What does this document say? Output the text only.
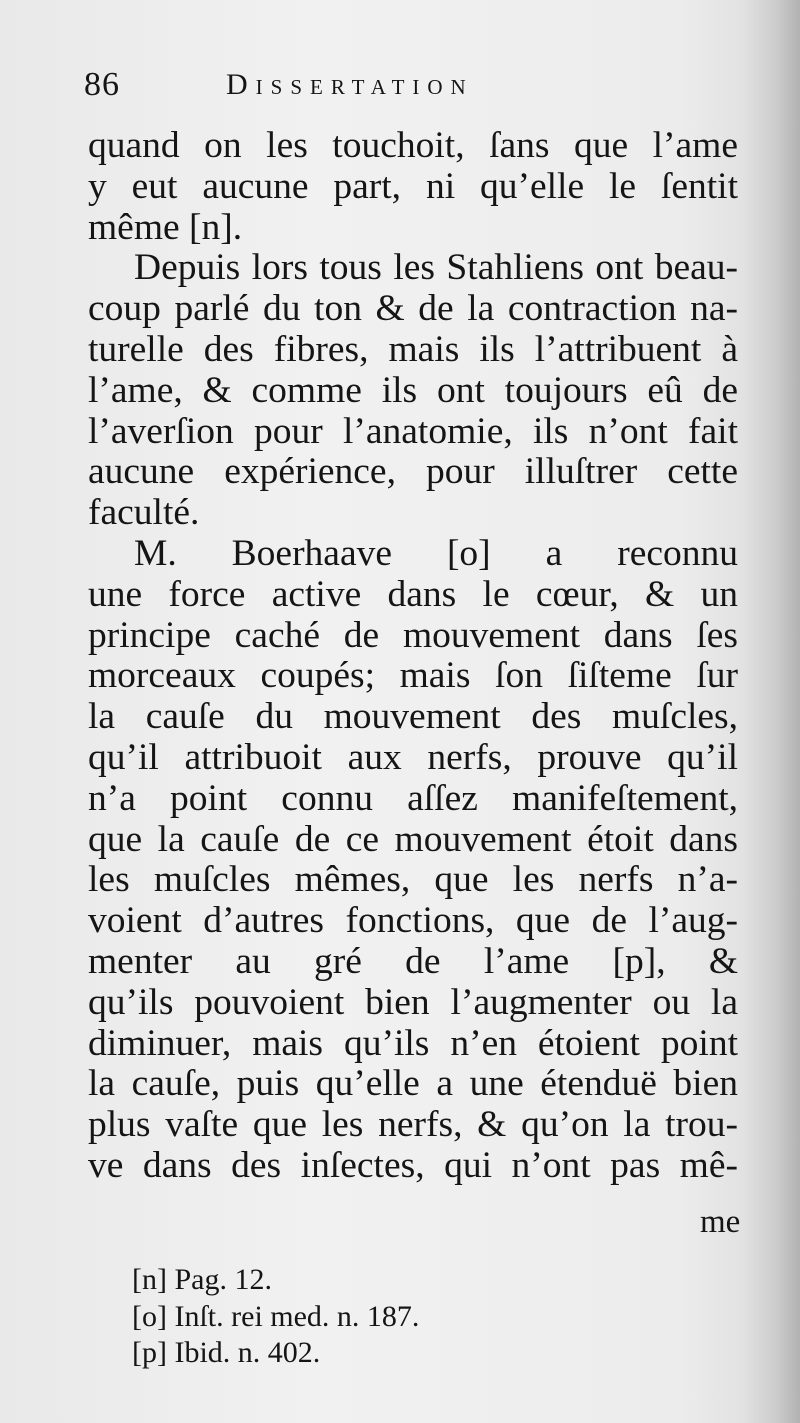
86	Dissertation

quand on les touchoit, ſans que l’ame
y eut aucune part, ni qu’elle le ſentit
même [n].

Depuis lors tous les Stahliens ont beau-
coup parlé du ton & de la contraction na-
turelle des fibres, mais ils l’attribuent à
l’ame, & comme ils ont toujours eû de
l’averſion pour l’anatomie, ils n’ont fait
aucune expérience, pour illuſtrer cette
faculté.

M. Boerhaave [o] a reconnu
une force active dans le cœur, & un
principe caché de mouvement dans ſes
morceaux coupés; mais ſon ſiſteme ſur
la cauſe du mouvement des muſcles,
qu’il attribuoit aux nerfs, prouve qu’il
n’a point connu aſſez manifeſtement,
que la cauſe de ce mouvement étoit dans
les muſcles mêmes, que les nerfs n’a-
voient d’autres fonctions, que de l’aug-
menter au gré de l’ame [p], &
qu’ils pouvoient bien l’augmenter ou la
diminuer, mais qu’ils n’en étoient point
la cauſe, puis qu’elle a une étenduë bien
plus vaſte que les nerfs, & qu’on la trou-
ve dans des inſectes, qui n’ont pas mê-

me
[n] Pag. 12.
[o] Inſt. rei med. n. 187.
[p] Ibid. n. 402.
